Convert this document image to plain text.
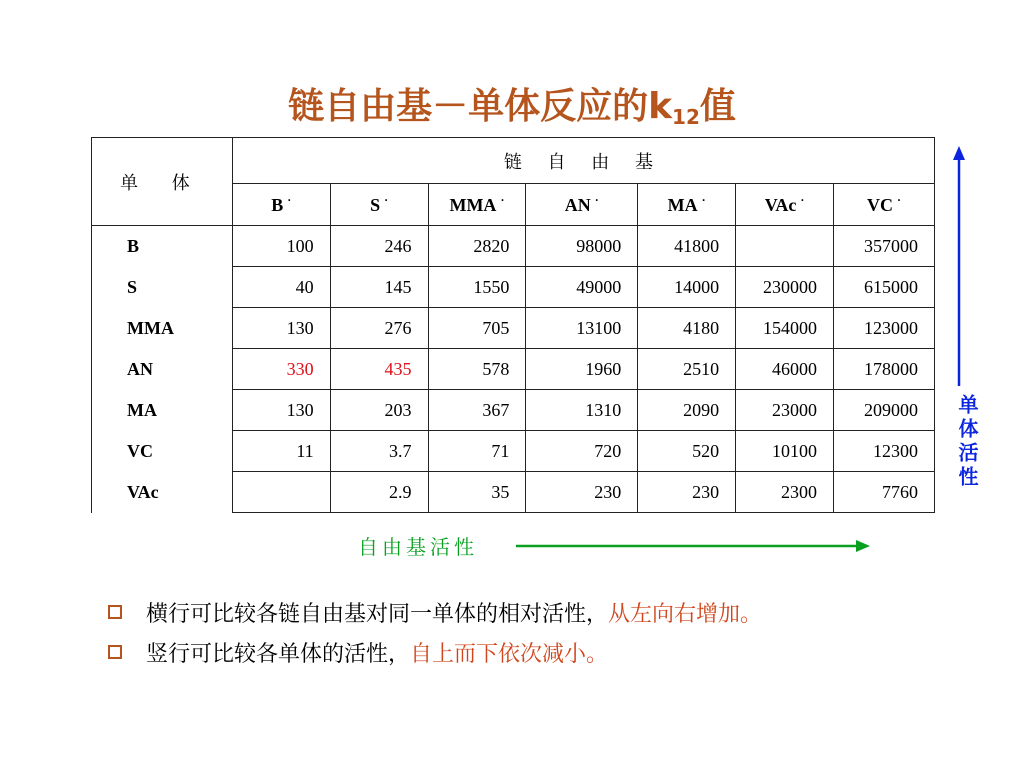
链自由基－单体反应的$k_{12}$值
单 体	链 自 由 基						
	B ·	S ·	MMA ·	AN ·	MA ·	VAc ·	VC ·
B	100	246	2820	98000	41800		357000
S	40	145	1550	49000	14000	230000	615000
MMA	130	276	705	13100	4180	154000	123000
AN	330	435	578	1960	2510	46000	178000
MA	130	203	367	1310	2090	23000	209000
VC	11	3.7	71	720	520	10100	12300
VAc		2.9	35	230	230	2300	7760
单体活性
自由基活性
横行可比较各链自由基对同一单体的相对活性， 从左向右增加。
竖行可比较各单体的活性， 自上而下依次减小。
